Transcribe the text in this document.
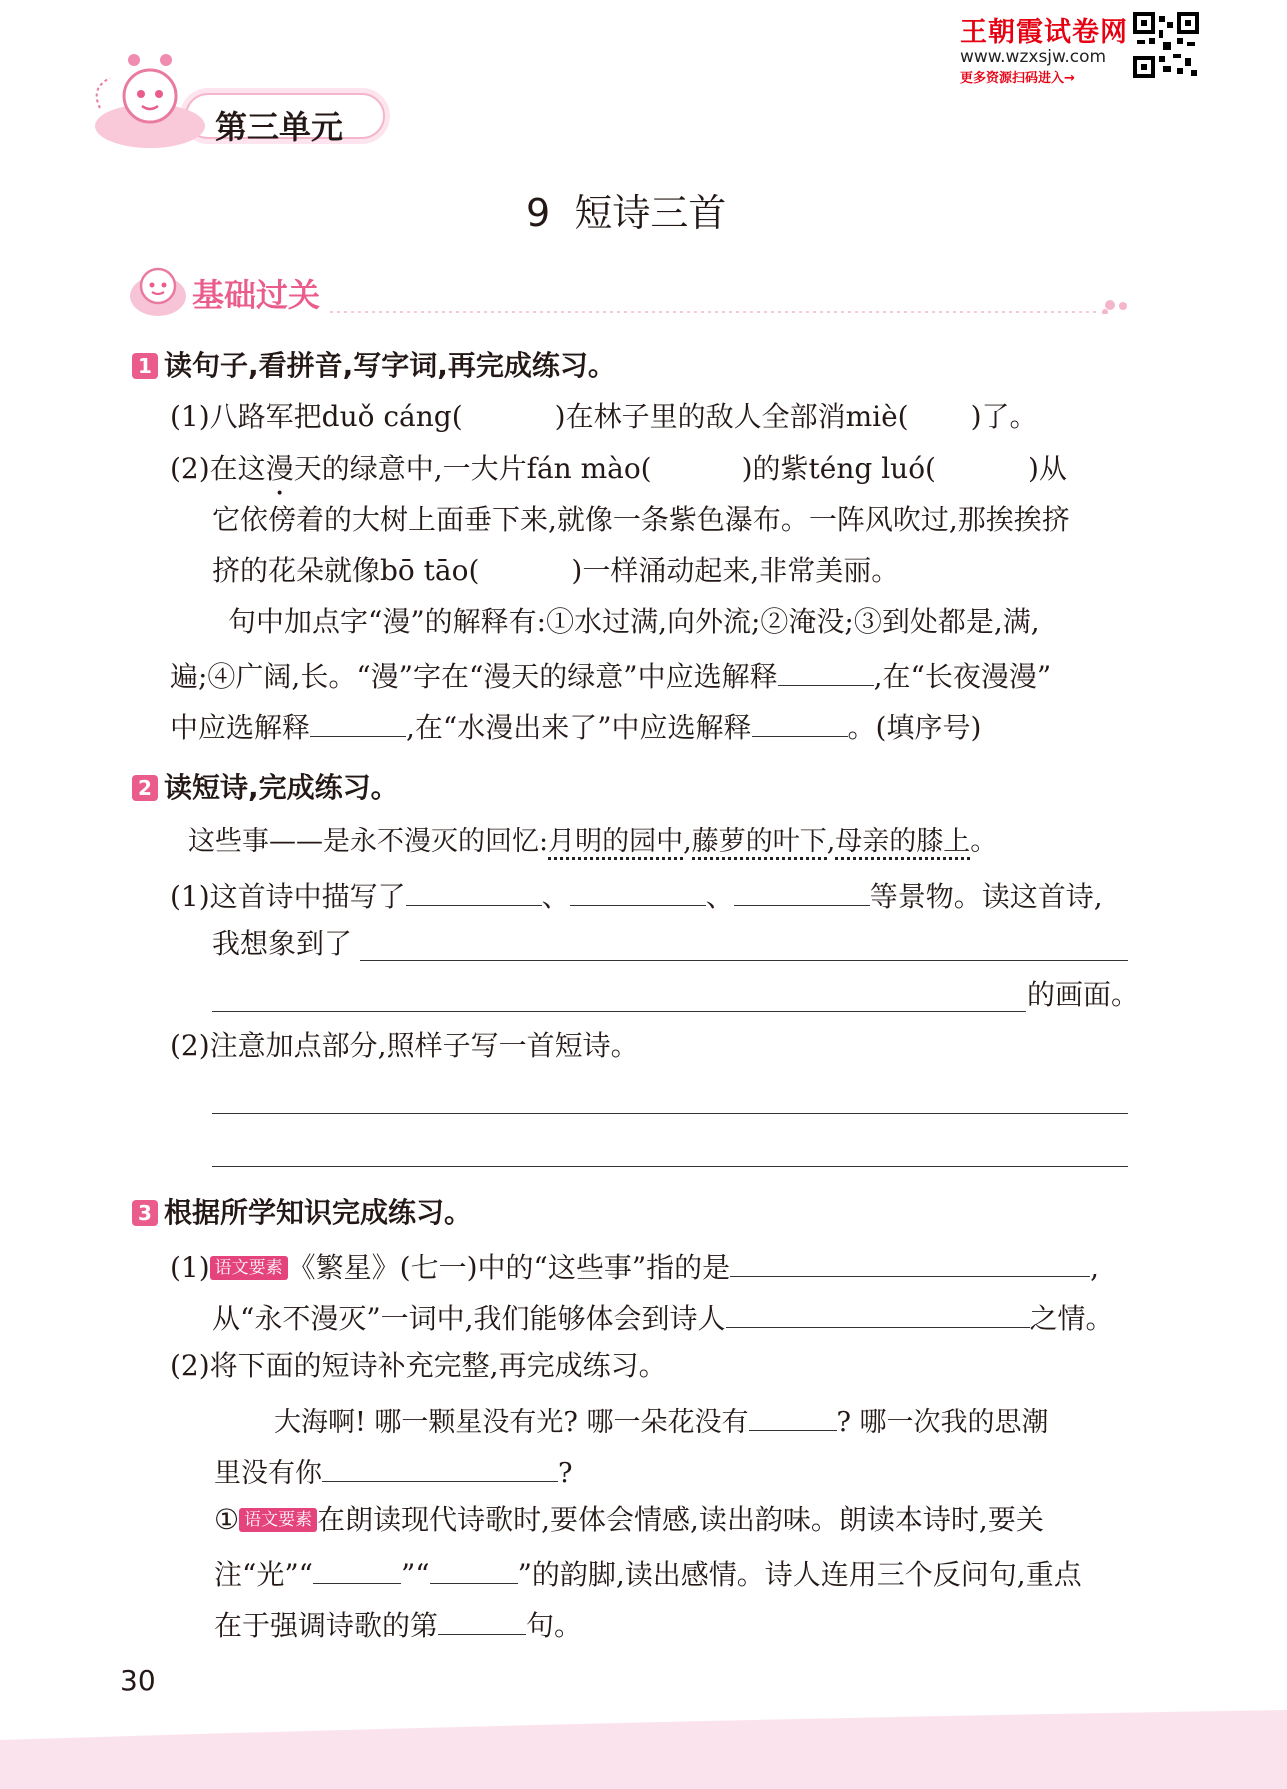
王朝霞试卷网
www.wzxsjw.com
更多资源扫码进入→
第三单元
9  短诗三首
基础过关
1 读句子,看拼音,写字词,再完成练习。
(1)八路军把duǒ cáng(	)在林子里的敌人全部消miè( )了。
(2)在这漫天的绿意中,一大片fán mào(	)的紫téng luó(	)从
它依傍着的大树上面垂下来,就像一条紫色瀑布。一阵风吹过,那挨挨挤
挤的花朵就像bō tāo(	)一样涌动起来,非常美丽。
句中加点字“漫”的解释有:①水过满,向外流;②淹没;③到处都是,满,
遍;④广阔,长。“漫”字在“漫天的绿意”中应选解释	,在“长夜漫漫”
中应选解释	,在“水漫出来了”中应选解释	。(填序号)
2 读短诗,完成练习。
这些事——是永不漫灭的回忆:月明的园中,藤萝的叶下,母亲的膝上。
(1)这首诗中描写了	、	、	等景物。读这首诗,
我想象到了
的画面。
(2)注意加点部分,照样子写一首短诗。
3 根据所学知识完成练习。
(1) 语文要素 《繁星》(七一)中的“这些事”指的是	,
从“永不漫灭”一词中,我们能够体会到诗人	之情。
(2)将下面的短诗补充完整,再完成练习。
大海啊! 哪一颗星没有光? 哪一朵花没有	? 哪一次我的思潮
里没有你	?
① 语文要素 在朗读现代诗歌时,要体会情感,读出韵味。朗读本诗时,要关
注“光”“	”“	”的韵脚,读出感情。诗人连用三个反问句,重点
在于强调诗歌的第	句。
30
